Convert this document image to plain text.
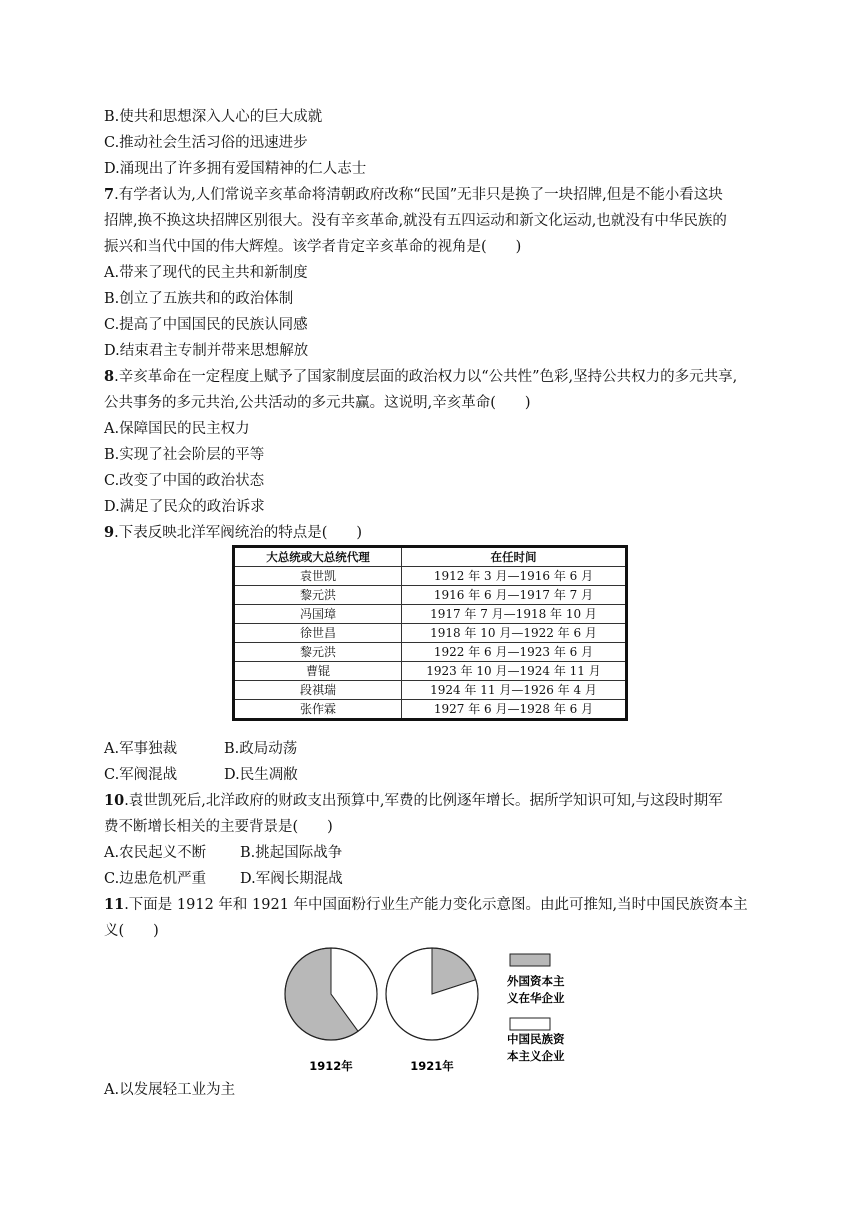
B.使共和思想深入人心的巨大成就
C.推动社会生活习俗的迅速进步
D.涌现出了许多拥有爱国精神的仁人志士
7.有学者认为,人们常说辛亥革命将清朝政府改称“民国”无非只是换了一块招牌,但是不能小看这块
招牌,换不换这块招牌区别很大。没有辛亥革命,就没有五四运动和新文化运动,也就没有中华民族的
振兴和当代中国的伟大辉煌。该学者肯定辛亥革命的视角是(　　)
A.带来了现代的民主共和新制度
B.创立了五族共和的政治体制
C.提高了中国国民的民族认同感
D.结束君主专制并带来思想解放
8.辛亥革命在一定程度上赋予了国家制度层面的政治权力以“公共性”色彩,坚持公共权力的多元共享,
公共事务的多元共治,公共活动的多元共赢。这说明,辛亥革命(　　)
A.保障国民的民主权力
B.实现了社会阶层的平等
C.改变了中国的政治状态
D.满足了民众的政治诉求
9.下表反映北洋军阀统治的特点是(　　)
大总统或大总统代理	在任时间
袁世凯	1912 年 3 月—1916 年 6 月
黎元洪	1916 年 6 月—1917 年 7 月
冯国璋	1917 年 7 月—1918 年 10 月
徐世昌	1918 年 10 月—1922 年 6 月
黎元洪	1922 年 6 月—1923 年 6 月
曹锟	1923 年 10 月—1924 年 11 月
段祺瑞	1924 年 11 月—1926 年 4 月
张作霖	1927 年 6 月—1928 年 6 月
A.军事独裁	B.政局动荡
C.军阀混战	D.民生凋敝
10.袁世凯死后,北洋政府的财政支出预算中,军费的比例逐年增长。据所学知识可知,与这段时期军
费不断增长相关的主要背景是(　　)
A.农民起义不断 B.挑起国际战争
C.边患危机严重 D.军阀长期混战
11.下面是 1912 年和 1921 年中国面粉行业生产能力变化示意图。由此可推知,当时中国民族资本主
义(　　)
1912年	1921年
外国资本主
义在华企业
中国民族资
本主义企业
A.以发展轻工业为主
